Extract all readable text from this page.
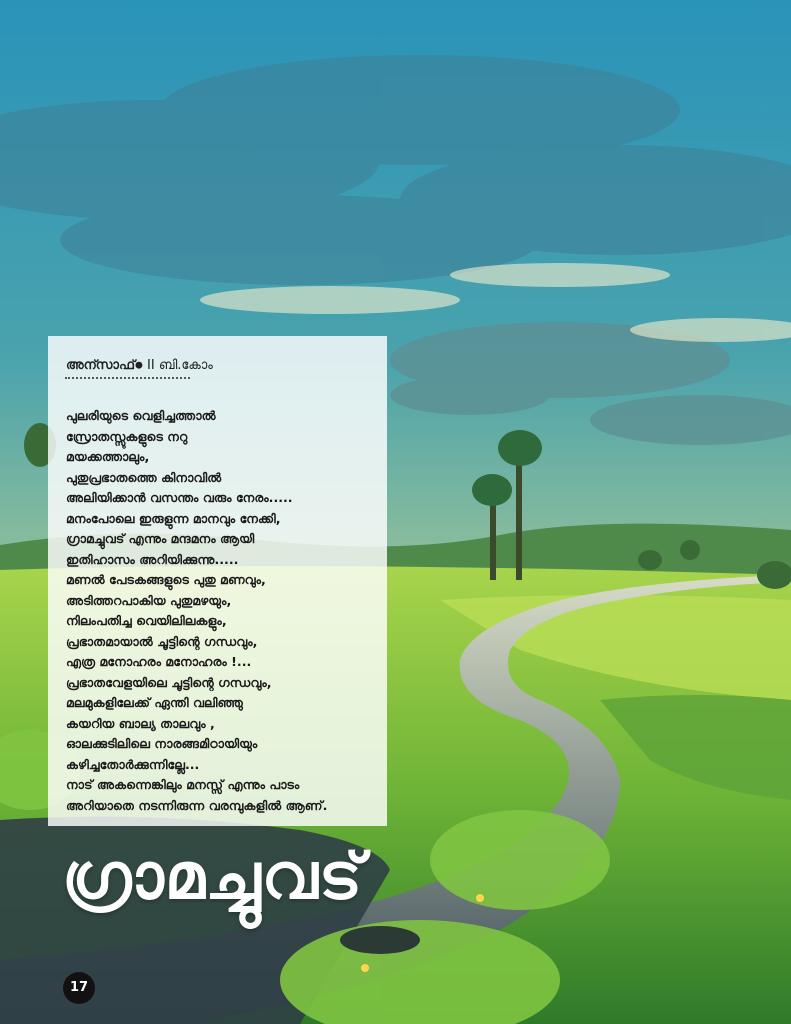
അന്സാഫ്● II ബി.കോം
പുലരിയുടെ വെളിച്ചത്താൽ
സ്രോതസ്സുകളുടെ നറു
മയക്കത്താലും,
പുതുപ്രഭാതത്തെ കിനാവിൽ
അലിയിക്കാൻ വസന്തം വരും നേരം.....
മനംപോലെ ഇരുളുന്ന മാനവും നേക്കി,
ഗ്രാമച്ചുവട് എന്നും മന്ദമനം ആയി
ഇതിഹാസം അറിയിക്കുന്നു.....
മണൽ പേടകങ്ങളുടെ പുതു മണവും,
അടിത്തറപാകിയ പുതുമഴയും,
നിലംപതിച്ച വെയിലിലകളും,
പ്രഭാതമായാൽ ചൂട്ടിന്റെ ഗന്ധവും,
എത്ര മനോഹരം മനോഹരം !...
പ്രഭാതവേളയിലെ ചൂട്ടിന്റെ ഗന്ധവും,
മലമുകളിലേക്ക് ഏന്തി വലിഞ്ഞു
കയറിയ ബാല്യ താലവും ,
ഓലക്കുടിലിലെ നാരങ്ങമിഠായിയും
കഴിച്ചതോർക്കുന്നില്ലേ...
നാട് അകന്നെങ്കിലും മനസ്സ് എന്നും പാടം
അറിയാതെ നടന്നിരുന്ന വരമ്പുകളിൽ ആണ്.
ഗ്രാമച്ചുവട്
17
